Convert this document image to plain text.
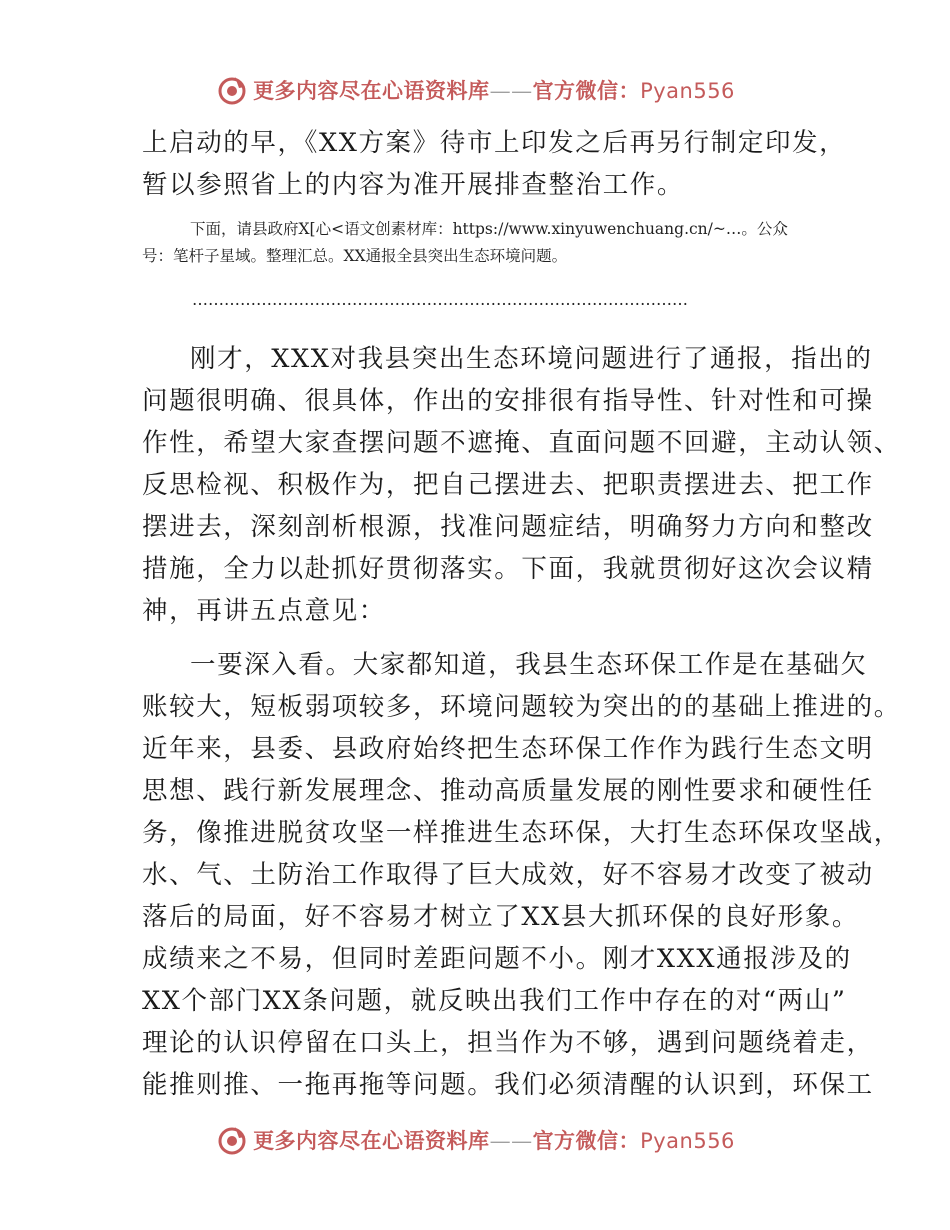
更多内容尽在心语资料库——官方微信：Pyan556
上启动的早，《XX方案》待市上印发之后再另行制定印发，
暂以参照省上的内容为准开展排查整治工作。
下面，请县政府X[心<语文创素材库：https://www.xinyuwenchuang.cn/~…。公众
号：笔杆子星域。整理汇总。XX通报全县突出生态环境问题。
刚才，XXX对我县突出生态环境问题进行了通报，指出的
问题很明确、很具体，作出的安排很有指导性、针对性和可操
作性，希望大家查摆问题不遮掩、直面问题不回避，主动认领、
反思检视、积极作为，把自己摆进去、把职责摆进去、把工作
摆进去，深刻剖析根源，找准问题症结，明确努力方向和整改
措施，全力以赴抓好贯彻落实。下面，我就贯彻好这次会议精
神，再讲五点意见：
一要深入看。大家都知道，我县生态环保工作是在基础欠
账较大，短板弱项较多，环境问题较为突出的的基础上推进的。
近年来，县委、县政府始终把生态环保工作作为践行生态文明
思想、践行新发展理念、推动高质量发展的刚性要求和硬性任
务，像推进脱贫攻坚一样推进生态环保，大打生态环保攻坚战，
水、气、土防治工作取得了巨大成效，好不容易才改变了被动
落后的局面，好不容易才树立了XX县大抓环保的良好形象。
成绩来之不易，但同时差距问题不小。刚才XXX通报涉及的
XX个部门XX条问题，就反映出我们工作中存在的对“两山”
理论的认识停留在口头上，担当作为不够，遇到问题绕着走，
能推则推、一拖再拖等问题。我们必须清醒的认识到，环保工
…………………………………………………………………………………
更多内容尽在心语资料库——官方微信：Pyan556
